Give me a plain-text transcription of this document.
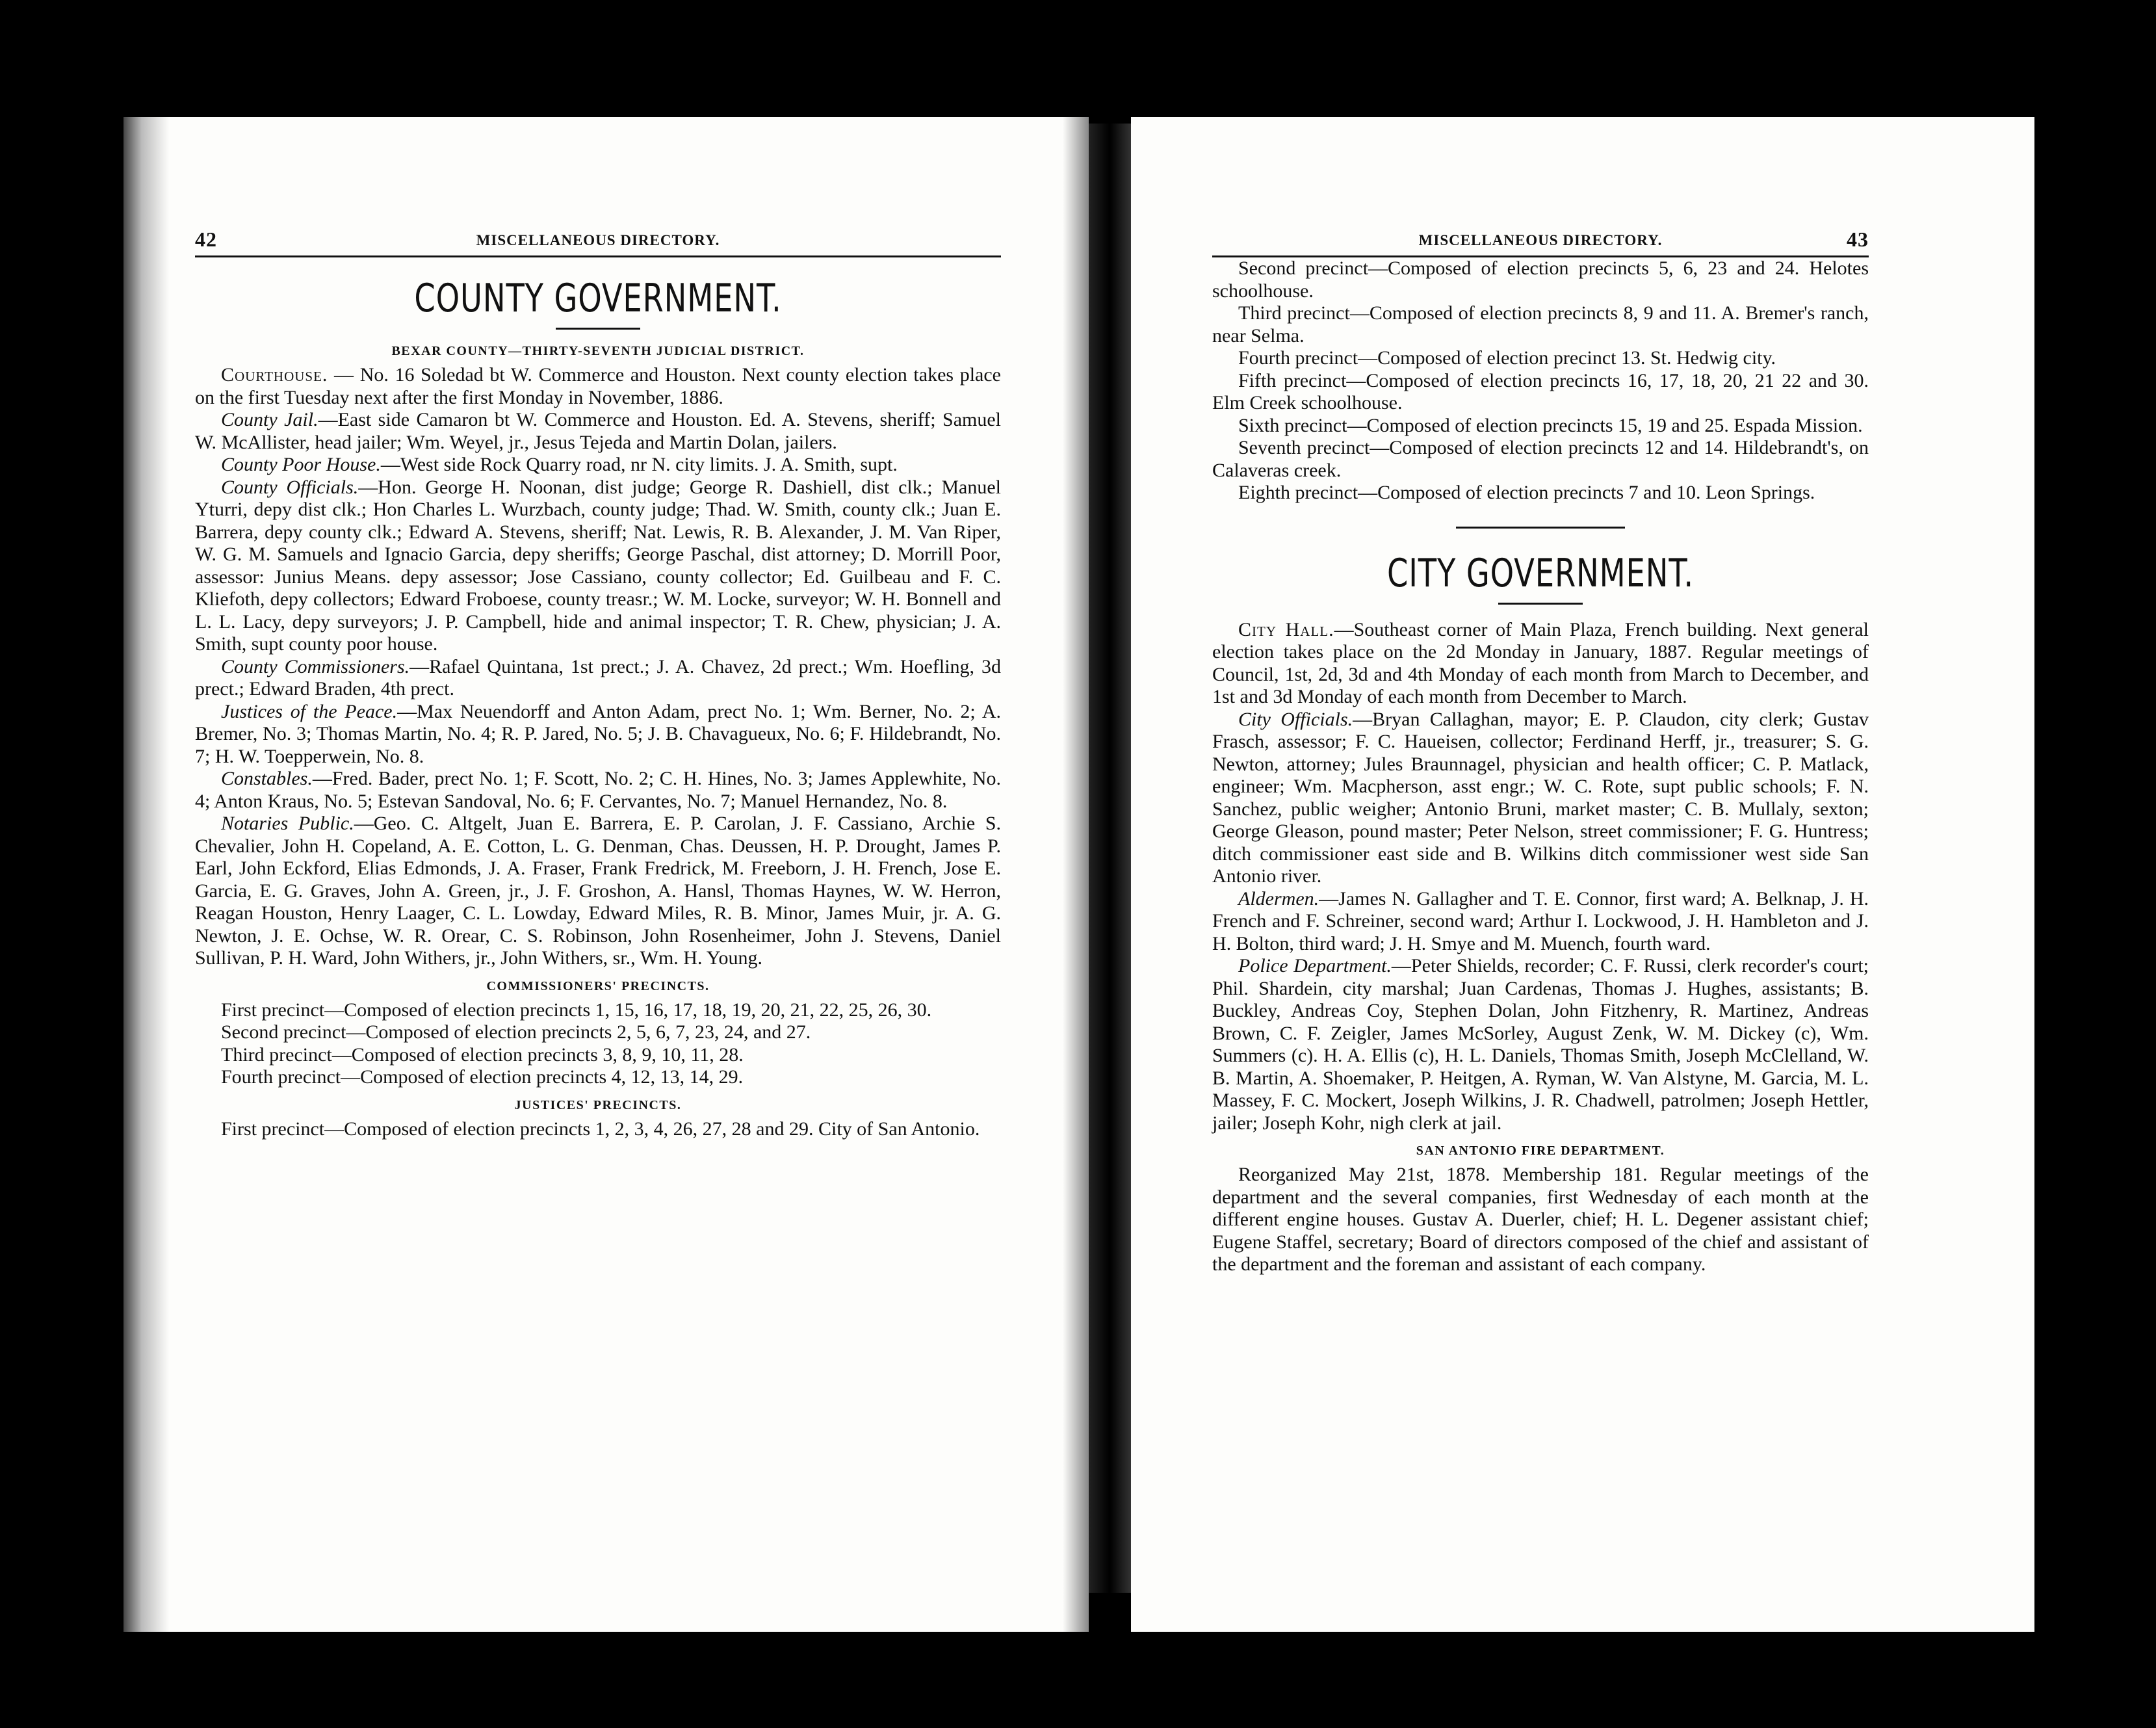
42	MISCELLANEOUS DIRECTORY.
COUNTY GOVERNMENT.
BEXAR COUNTY—THIRTY-SEVENTH JUDICIAL DISTRICT.

Courthouse. — No. 16 Soledad bt W. Commerce and Houston. Next county election takes place on the first Tuesday next after the first Monday in November, 1886.

County Jail.—East side Camaron bt W. Commerce and Houston. Ed. A. Stevens, sheriff; Samuel W. McAllister, head jailer; Wm. Weyel, jr., Jesus Tejeda and Martin Dolan, jailers.

County Poor House.—West side Rock Quarry road, nr N. city limits. J. A. Smith, supt.

County Officials.—Hon. George H. Noonan, dist judge; George R. Dashiell, dist clk.; Manuel Yturri, depy dist clk.; Hon Charles L. Wurzbach, county judge; Thad. W. Smith, county clk.; Juan E. Barrera, depy county clk.; Edward A. Stevens, sheriff; Nat. Lewis, R. B. Alexander, J. M. Van Riper, W. G. M. Samuels and Ignacio Garcia, depy sheriffs; George Paschal, dist attorney; D. Morrill Poor, assessor: Junius Means. depy assessor; Jose Cassiano, county collector; Ed. Guilbeau and F. C. Kliefoth, depy collectors; Edward Froboese, county treasr.; W. M. Locke, surveyor; W. H. Bonnell and L. L. Lacy, depy surveyors; J. P. Campbell, hide and animal inspector; T. R. Chew, physician; J. A. Smith, supt county poor house.

County Commissioners.—Rafael Quintana, 1st prect.; J. A. Chavez, 2d prect.; Wm. Hoefling, 3d prect.; Edward Braden, 4th prect.

Justices of the Peace.—Max Neuendorff and Anton Adam, prect No. 1; Wm. Berner, No. 2; A. Bremer, No. 3; Thomas Martin, No. 4; R. P. Jared, No. 5; J. B. Chavagueux, No. 6; F. Hildebrandt, No. 7; H. W. Toepperwein, No. 8.

Constables.—Fred. Bader, prect No. 1; F. Scott, No. 2; C. H. Hines, No. 3; James Applewhite, No. 4; Anton Kraus, No. 5; Estevan Sandoval, No. 6; F. Cervantes, No. 7; Manuel Hernandez, No. 8.

Notaries Public.—Geo. C. Altgelt, Juan E. Barrera, E. P. Carolan, J. F. Cassiano, Archie S. Chevalier, John H. Copeland, A. E. Cotton, L. G. Denman, Chas. Deussen, H. P. Drought, James P. Earl, John Eckford, Elias Edmonds, J. A. Fraser, Frank Fredrick, M. Freeborn, J. H. French, Jose E. Garcia, E. G. Graves, John A. Green, jr., J. F. Groshon, A. Hansl, Thomas Haynes, W. W. Herron, Reagan Houston, Henry Laager, C. L. Lowday, Edward Miles, R. B. Minor, James Muir, jr. A. G. Newton, J. E. Ochse, W. R. Orear, C. S. Robinson, John Rosenheimer, John J. Stevens, Daniel Sullivan, P. H. Ward, John Withers, jr., John Withers, sr., Wm. H. Young.

COMMISSIONERS' PRECINCTS.

First precinct—Composed of election precincts 1, 15, 16, 17, 18, 19, 20, 21, 22, 25, 26, 30.

Second precinct—Composed of election precincts 2, 5, 6, 7, 23, 24, and 27.

Third precinct—Composed of election precincts 3, 8, 9, 10, 11, 28.

Fourth precinct—Composed of election precincts 4, 12, 13, 14, 29.

JUSTICES' PRECINCTS.

First precinct—Composed of election precincts 1, 2, 3, 4, 26, 27, 28 and 29. City of San Antonio.

MISCELLANEOUS DIRECTORY.	43

Second precinct—Composed of election precincts 5, 6, 23 and 24. Helotes schoolhouse.

Third precinct—Composed of election precincts 8, 9 and 11. A. Bremer's ranch, near Selma.

Fourth precinct—Composed of election precinct 13. St. Hedwig city.

Fifth precinct—Composed of election precincts 16, 17, 18, 20, 21 22 and 30. Elm Creek schoolhouse.

Sixth precinct—Composed of election precincts 15, 19 and 25. Espada Mission.

Seventh precinct—Composed of election precincts 12 and 14. Hildebrandt's, on Calaveras creek.

Eighth precinct—Composed of election precincts 7 and 10. Leon Springs.

CITY GOVERNMENT.

City Hall.—Southeast corner of Main Plaza, French building. Next general election takes place on the 2d Monday in January, 1887. Regular meetings of Council, 1st, 2d, 3d and 4th Monday of each month from March to December, and 1st and 3d Monday of each month from December to March.

City Officials.—Bryan Callaghan, mayor; E. P. Claudon, city clerk; Gustav Frasch, assessor; F. C. Haueisen, collector; Ferdinand Herff, jr., treasurer; S. G. Newton, attorney; Jules Braunnagel, physician and health officer; C. P. Matlack, engineer; Wm. Macpherson, asst engr.; W. C. Rote, supt public schools; F. N. Sanchez, public weigher; Antonio Bruni, market master; C. B. Mullaly, sexton; George Gleason, pound master; Peter Nelson, street commissioner; F. G. Huntress; ditch commissioner east side and B. Wilkins ditch commissioner west side San Antonio river.

Aldermen.—James N. Gallagher and T. E. Connor, first ward; A. Belknap, J. H. French and F. Schreiner, second ward; Arthur I. Lockwood, J. H. Hambleton and J. H. Bolton, third ward; J. H. Smye and M. Muench, fourth ward.

Police Department.—Peter Shields, recorder; C. F. Russi, clerk recorder's court; Phil. Shardein, city marshal; Juan Cardenas, Thomas J. Hughes, assistants; B. Buckley, Andreas Coy, Stephen Dolan, John Fitzhenry, R. Martinez, Andreas Brown, C. F. Zeigler, James McSorley, August Zenk, W. M. Dickey (c), Wm. Summers (c). H. A. Ellis (c), H. L. Daniels, Thomas Smith, Joseph McClelland, W. B. Martin, A. Shoemaker, P. Heitgen, A. Ryman, W. Van Alstyne, M. Garcia, M. L. Massey, F. C. Mockert, Joseph Wilkins, J. R. Chadwell, patrolmen; Joseph Hettler, jailer; Joseph Kohr, nigh clerk at jail.

SAN ANTONIO FIRE DEPARTMENT.

Reorganized May 21st, 1878. Membership 181. Regular meetings of the department and the several companies, first Wednesday of each month at the different engine houses. Gustav A. Duerler, chief; H. L. Degener assistant chief; Eugene Staffel, secretary; Board of directors composed of the chief and assistant of the department and the foreman and assistant of each company.
